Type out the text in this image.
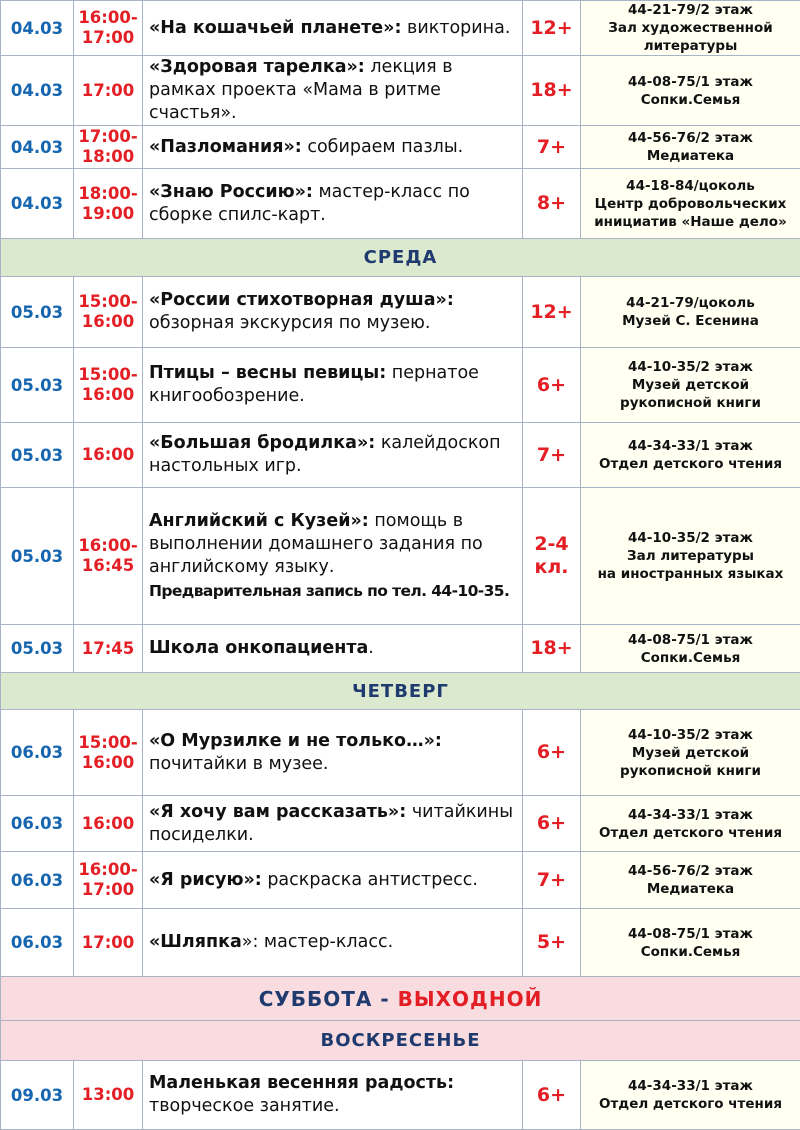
04.03	16:00-
17:00	«На кошачьей планете»: викторина.	12+	44-21-79/2 этаж
Зал художественной
литературы

04.03	17:00	«Здоровая тарелка»: лекция в рамках проекта «Мама в ритме счастья».	18+	44-08-75/1 этаж
Сопки.Семья

04.03	17:00-
18:00	«Пазломания»: собираем пазлы.	7+	44-56-76/2 этаж
Медиатека

04.03	18:00-
19:00	«Знаю Россию»: мастер-класс по сборке спилс-карт.	8+	44-18-84/цоколь
Центр добровольческих
инициатив «Наше дело»

СРЕДА				
05.03	15:00-
16:00	«России стихотворная душа»: обзорная экскурсия по музею.	12+	44-21-79/цоколь
Музей С. Есенина

05.03	15:00-
16:00	Птицы – весны певицы: пернатое книгообозрение.	6+	44-10-35/2 этаж
Музей детской
рукописной книги

05.03	16:00	«Большая бродилка»: калейдоскоп настольных игр.	7+	44-34-33/1 этаж
Отдел детского чтения

05.03	16:00-
16:45	Английский с Кузей»: помощь в выполнении домашнего задания по английскому языку.
Предварительная запись по тел. 44-10-35.	2-4
кл.	44-10-35/2 этаж
Зал литературы
на иностранных языках

05.03	17:45	Школа онкопациента.	18+	44-08-75/1 этаж
Сопки.Семья

ЧЕТВЕРГ				
06.03	15:00-
16:00	«О Мурзилке и не только…»: почитайки в музее.	6+	44-10-35/2 этаж
Музей детской
рукописной книги

06.03	16:00	«Я хочу вам рассказать»: читайкины посиделки.	6+	44-34-33/1 этаж
Отдел детского чтения

06.03	16:00-
17:00	«Я рисую»: раскраска антистресс.	7+	44-56-76/2 этаж
Медиатека

06.03	17:00	«Шляпка»: мастер-класс.	5+	44-08-75/1 этаж
Сопки.Семья

СУББОТА - ВЫХОДНОЙ				
ВОСКРЕСЕНЬЕ				
09.03	13:00	Маленькая весенняя радость: творческое занятие.	6+	44-34-33/1 этаж
Отдел детского чтения
